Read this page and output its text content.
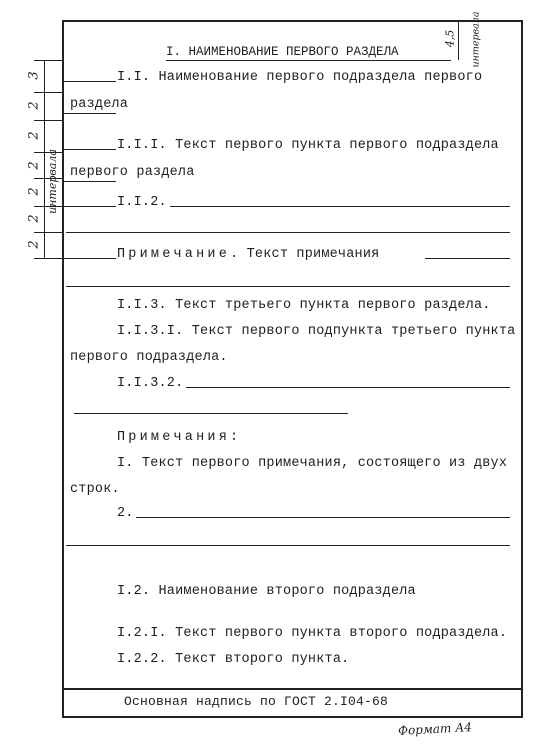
I. НАИМЕНОВАНИЕ ПЕРВОГО РАЗДЕЛА
4,5 интервала
3
2
2
2
2
2
2
интервала
I.I. Наименование первого подраздела первого
раздела
I.I.I. Текст первого пункта первого подраздела
первого раздела
I.I.2.
Примечание. Текст примечания
I.I.3. Текст третьего пункта первого раздела.
I.I.3.I. Текст первого подпункта третьего пункта
первого подраздела.
I.I.3.2.
Примечания:
I. Текст первого примечания, состоящего из двух
строк.
2.
I.2. Наименование второго подраздела
I.2.I. Текст первого пункта второго подраздела.
I.2.2. Текст второго пункта.
Основная надпись по ГОСТ 2.I04-68
Формат А4
